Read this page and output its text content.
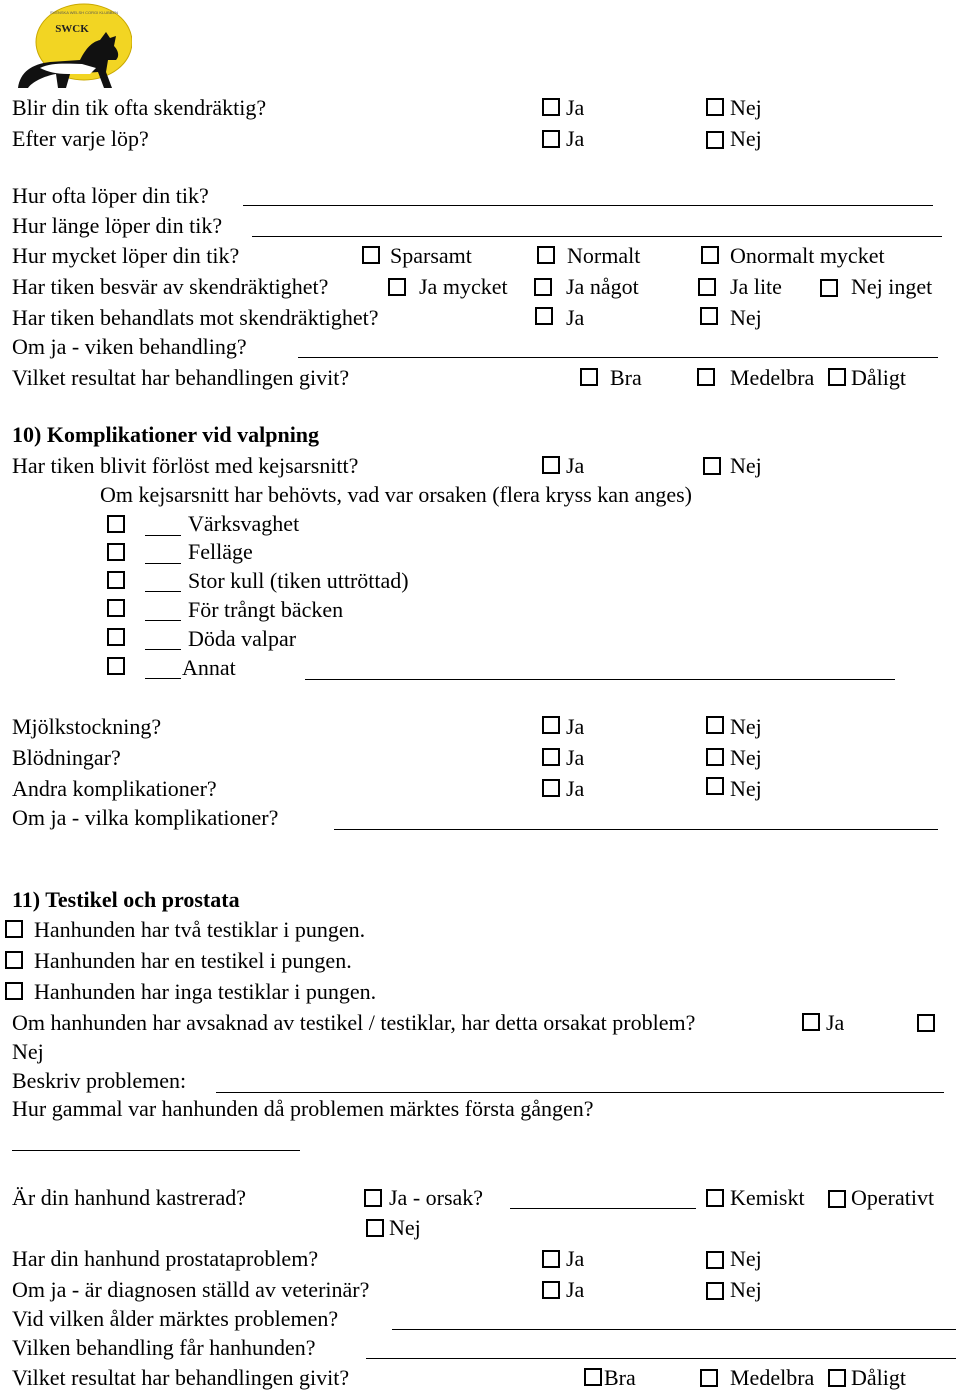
SWCK
SVENSKA WELSH CORGI KLUBBEN
Blir din tik ofta skendräktig?	Ja	Nej
Efter varje löp?	Ja	Nej
Hur ofta löper din tik?
Hur länge löper din tik?
Hur mycket löper din tik?	Sparsamt	Normalt	Onormalt mycket
Har tiken besvär av skendräktighet?	Ja mycket	Ja något	Ja lite	Nej inget
Har tiken behandlats mot skendräktighet?	Ja	Nej
Om ja - viken behandling?
Vilket resultat har behandlingen givit?	Bra	Medelbra Dåligt
10) Komplikationer vid valpning
Har tiken blivit förlöst med kejsarsnitt?	Ja	Nej
Om kejsarsnitt har behövts, vad var orsaken (flera kryss kan anges)
Värksvaghet
Felläge
Stor kull (tiken uttröttad)
För trångt bäcken
Döda valpar
Annat
Mjölkstockning?	Ja	Nej
Blödningar?	Ja	Nej
Andra komplikationer?	Ja	Nej
Om ja - vilka komplikationer?
11) Testikel och prostata
Hanhunden har två testiklar i pungen.
Hanhunden har en testikel i pungen.
Hanhunden har inga testiklar i pungen.
Om hanhunden har avsaknad av testikel / testiklar, har detta orsakat problem?	Ja
Nej
Beskriv problemen:
Hur gammal var hanhunden då problemen märktes första gången?
Är din hanhund kastrerad?	Ja - orsak?	Kemiskt Operativt
Nej
Har din hanhund prostataproblem?	Ja	Nej
Om ja - är diagnosen ställd av veterinär?	Ja	Nej
Vid vilken ålder märktes problemen?
Vilken behandling får hanhunden?
Vilket resultat har behandlingen givit?	Bra	Medelbra Dåligt
